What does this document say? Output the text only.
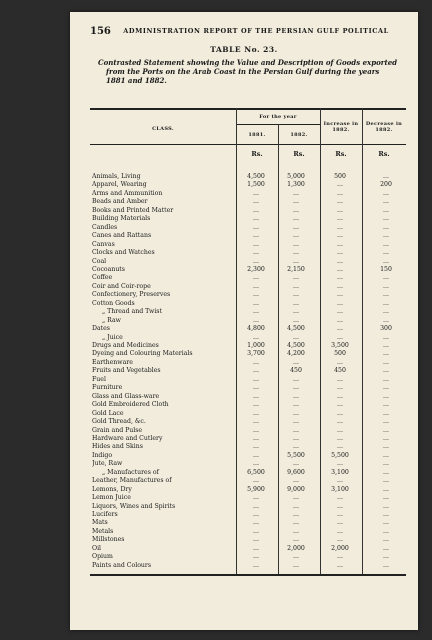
156	ADMINISTRATION REPORT OF THE PERSIAN GULF POLITICAL
TABLE No. 23.
Contrasted Statement showing the Value and Description of Goods exported
from the Ports on the Arab Coast in the Persian Gulf during the years
1881 and 1882.
CLASS.
For the year
1881.	1882.
Increase in 1882.
Decrease in 1882.
Rs.	Rs.	Rs.	Rs.
Animals, Living	4,500	5,000	500	...
Apparel, Wearing	1,500	1,300	...	200
Arms and Ammunition	...	...	...	...
Beads and Amber	...	...	...	...
Books and Printed Matter	...	...	...	...
Building Materials	...	...	...	...
Candles	...	...	...	...
Canes and Rattans	...	...	...	...
Canvas	...	...	...	...
Clocks and Watches	...	...	...	...
Coal	...	...	...	...
Cocoanuts	2,300	2,150	...	150
Coffee	...	...	...	...
Coir and Coir-rope	...	...	...	...
Confectionery, Preserves	...	...	...	...
Cotton Goods	...	...	...	...
„ Thread and Twist	...	...	...	...
„ Raw	...	...	...	...
Dates	4,800	4,500	...	300
„ Juice	...	...	...	...
Drugs and Medicines	1,000	4,500	3,500	...
Dyeing and Colouring Materials	3,700	4,200	500	...
Earthenware	...	...	...	...
Fruits and Vegetables	...	450	450	...
Fuel	...	...	...	...
Furniture	...	...	...	...
Glass and Glass-ware	...	...	...	...
Gold Embroidered Cloth	...	...	...	...
Gold Lace	...	...	...	...
Gold Thread, &c.	...	...	...	...
Grain and Pulse	...	...	...	...
Hardware and Cutlery	...	...	...	...
Hides and Skins	...	...	...	...
Indigo	...	5,500	5,500	...
Jute, Raw	...	...	...	...
„ Manufactures of	6,500	9,600	3,100	...
Leather, Manufactures of	...	...	...	...
Lemons, Dry	5,900	9,000	3,100	...
Lemon Juice	...	...	...	...
Liquors, Wines and Spirits	...	...	...	...
Lucifers	...	...	...	...
Mats	...	...	...	...
Metals	...	...	...	...
Millstones	...	...	...	...
Oil	...	2,000	2,000	...
Opium	...	...	...	...
Paints and Colours	...	...	...	...
